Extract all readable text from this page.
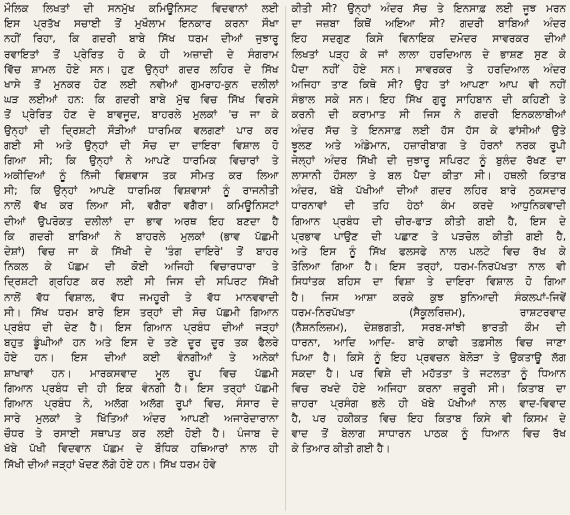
ਮੌਲਿਕ ਲਿਖਤਾਂ ਦੀ ਸਨਮੁੱਖ ਕਮਿਊਨਿਸਟ ਵਿਦਵਾਨਾਂ ਲਈ
ਇਸ ਪ੍ਰਤੱਖ ਸਚਾਈ ਤੋਂ ਮੁਖੌਲਾਮ ਇਨਕਾਰ ਕਰਨਾ ਸੌਖਾ
ਨਹੀਂ ਰਿਹਾ, ਕਿ ਗਦਰੀ ਬਾਬੇ ਸਿੱਖ ਧਰਮ ਦੀਆਂ ਜੁਝਾਰੂ
ਰਵਾਇਤਾਂ ਤੋਂ ਪ੍ਰੇਰਿਤ ਹੋ ਕੇ ਹੀ ਅਜ਼ਾਦੀ ਦੇ ਸੰਗਰਾਮ
ਵਿੱਚ ਸ਼ਾਮਲ ਹੋਏ ਸਨ। ਹੁਣ ਉਨ੍ਹਾਂ ਗਦਰ ਲਹਿਰ ਦੇ ਸਿੱਖ
ਖਾਸੇ ਤੋਂ ਮੁਨਕਰ ਹੋਣ ਲਈ ਨਵੀਆਂ ਗੁਮਰਾਹ-ਕੁਨ ਦਲੀਲਾਂ
ਘੜ ਲਈਆਂ ਹਨ: ਕਿ ਗਦਰੀ ਬਾਬੇ ਮੁੱਢ ਵਿਚ ਸਿੱਖ ਵਿਰਸੇ
ਤੋਂ ਪ੍ਰੇਰਿਤ ਹੋਣ ਦੇ ਬਾਵਜੂਦ, ਬਾਹਰਲੇ ਮੁਲਕਾਂ 'ਚ ਜਾ ਕੇ
ਉਨ੍ਹਾਂ ਦੀ ਦ੍ਰਿਸ਼ਟੀ ਸੌੜੀਆਂ ਧਾਰਮਿਕ ਵਲਗਣਾਂ ਪਾਰ ਕਰ
ਗਈ ਸੀ ਅਤੇ ਉਨ੍ਹਾਂ ਦੀ ਸੋਚ ਦਾ ਦਾਇਰਾ ਵਿਸ਼ਾਲ ਹੋ
ਗਿਆ ਸੀ; ਕਿ ਉਨ੍ਹਾਂ ਨੇ ਆਪਣੇ ਧਾਰਮਿਕ ਵਿਚਾਰਾਂ ਤੇ
ਅਕੀਦਿਆਂ ਨੂੰ ਨਿੱਜੀ ਵਿਸ਼ਵਾਸ ਤਕ ਸੀਮਤ ਕਰ ਲਿਆ
ਸੀ; ਕਿ ਉਨ੍ਹਾਂ ਆਪਣੇ ਧਾਰਮਿਕ ਵਿਸ਼ਵਾਸਾਂ ਨੂੰ ਰਾਜਨੀਤੀ
ਨਾਲੋਂ ਵੱਖ ਕਰ ਲਿਆ ਸੀ, ਵਗੈਰਾ ਵਗੈਰਾ। ਕਮਿਊਨਿਸਟਾਂ
ਦੀਆਂ ਉਪਰੋਕਤ ਦਲੀਲਾਂ ਦਾ ਭਾਵ ਅਰਥ ਇਹ ਬਣਦਾ ਹੈ
ਕਿ ਗਦਰੀ ਬਾਬਿਆਂ ਨੇ ਬਾਹਰਲੇ ਮੁਲਕਾਂ (ਭਾਵ ਪੱਛਮੀ
ਦੇਸ਼ਾਂ) ਵਿਚ ਜਾ ਕੇ ਸਿੱਖੀ ਦੇ 'ਤੰਗ ਦਾਇਰੇ' ਤੋਂ ਬਾਹਰ
ਨਿਕਲ ਕੇ ਪੱਛਮ ਦੀ ਕੋਈ ਅਜਿਹੀ ਵਿਚਾਰਧਾਰਾ ਤੇ
ਦ੍ਰਿਸ਼ਟੀ ਗ੍ਰਹਿਣ ਕਰ ਲਈ ਸੀ ਜਿਸ ਦੀ ਸਪਿਰਟ ਸਿੱਖੀ
ਨਾਲੋਂ ਵੱਧ ਵਿਸ਼ਾਲ, ਵੱਧ ਜਮਹੂਰੀ ਤੇ ਵੱਧ ਮਾਨਵਵਾਦੀ
ਸੀ। ਸਿੱਖ ਧਰਮ ਬਾਰੇ ਇਸ ਤਰ੍ਹਾਂ ਦੀ ਸੋਚ ਪੱਛਮੀ ਗਿਆਨ
ਪ੍ਰਬੰਧ ਦੀ ਦੇਣ ਹੈ। ਇਸ ਗਿਆਨ ਪ੍ਰਬੰਧ ਦੀਆਂ ਜੜ੍ਹਾਂ
ਬਹੁਤ ਡੂੰਘੀਆਂ ਹਨ ਅਤੇ ਇਸ ਦੇ ਤਣੇ ਦੂਰ ਦੂਰ ਤਕ ਫੈਲਰੇ
ਹੋਏ ਹਨ। ਇਸ ਦੀਆਂ ਕਈ ਵੰਨਗੀਆਂ ਤੇ ਅਨੇਕਾਂ
ਸ਼ਾਖਾਵਾਂ ਹਨ। ਮਾਰਕਸਵਾਦ ਮੂਲ ਰੂਪ ਵਿਚ ਪੱਛਮੀ
ਗਿਆਨ ਪ੍ਰਬੰਧ ਦੀ ਹੀ ਇਕ ਵੰਨਗੀ ਹੈ। ਇਸ ਤਰ੍ਹਾਂ ਪੱਛਮੀ
ਗਿਆਨ ਪ੍ਰਬੰਧ ਨੇ, ਅਲੱਗ ਅਲੱਗ ਰੂਪਾਂ ਵਿਚ, ਸੰਸਾਰ ਦੇ
ਸਾਰੇ ਮੁਲਕਾਂ ਤੇ ਖਿੱਤਿਆਂ ਅੰਦਰ ਆਪਣੀ ਅਜਾਰੇਦਾਰਾਨਾ
ਚੌਧਰ ਤੇ ਰਸਾਈ ਸਥਾਪਤ ਕਰ ਲਈ ਹੋਈ ਹੈ। ਪੰਜਾਬ ਦੇ
ਖੱਬੇ ਪੱਖੀ ਵਿਦਵਾਨ ਪੱਛਮ ਦੇ ਬੌਧਿਕ ਹਥਿਆਰਾਂ ਨਾਲ ਹੀ
ਸਿੱਖੀ ਦੀਆਂ ਜੜ੍ਹਾਂ ਖੋਦਣ ਲੱਗੇ ਹੋਏ ਹਨ। ਸਿੱਖ ਧਰਮ ਹੋਵੇ
ਕੀਤੀ ਸੀ? ਉਨ੍ਹਾਂ ਅੰਦਰ ਸੱਚ ਤੇ ਇਨਸਾਫ਼ ਲਈ ਜੂਝ ਮਰਨ
ਦਾ ਜਜ਼ਬਾ ਕਿਥੋਂ ਅਇਆ ਸੀ? ਗਦਰੀ ਬਾਬਿਆਂ ਅੰਦਰ
ਇਹ ਸਦਗੁਣ ਕਿਸੇ ਵਿਨਾਇਕ ਦਮੋਦਰ ਸਾਵਰਕਰ ਦੀਆਂ
ਲਿਖਤਾਂ ਪੜ੍ਹ ਕੇ ਜਾਂ ਲਾਲਾ ਹਰਦਿਆਲ ਦੇ ਭਾਸ਼ਣ ਸੁਣ ਕੇ
ਪੈਦਾ ਨਹੀਂ ਹੋਏ ਸਨ। ਸਾਵਰਕਰ ਤੇ ਹਰਦਿਆਲ ਅੰਦਰ
ਅਜਿਹਾ ਤਾਣ ਕਿਥੇ ਸੀ? ਉਹ ਤਾਂ ਆਪਣਾ ਆਪ ਵੀ ਨਹੀਂ
ਸੰਭਾਲ ਸਕੇ ਸਨ। ਇਹ ਸਿੱਖ ਗੁਰੂ ਸਾਹਿਬਾਨ ਦੀ ਕਹਿਣੀ ਤੇ
ਕਰਨੀ ਦੀ ਕਰਾਮਾਤ ਸੀ ਜਿਸ ਨੇ ਗਦਰੀ ਇਨਕਲਾਬੀਆਂ
ਅੰਦਰ ਸੱਚ ਤੇ ਇਨਸਾਫ਼ ਲਈ ਹੱਸ ਹੱਸ ਕੇ ਫਾਂਸੀਆਂ ਉਤੇ
ਝੂਲਣ ਅਤੇ ਅੰਡੇਮਾਨ, ਹਜ਼ਾਰੀਬਾਗ ਤੇ ਹੋਰਨਾਂ ਨਰਕ ਰੂਪੀ
ਜੇਲ੍ਹਾਂ ਅੰਦਰ ਸਿੱਖੀ ਦੀ ਜੁਝਾਰੂ ਸਪਿਰਟ ਨੂੰ ਬੁਲੰਦ ਰੱਖਣ ਦਾ
ਲਾਸਾਨੀ ਹੌਸਲਾ ਤੇ ਬਲ ਪੈਦਾ ਕੀਤਾ ਸੀ। ਹਥਲੀ ਕਿਤਾਬ
ਅੰਦਰ, ਖੱਬੇ ਪੱਖੀਆਂ ਦੀਆਂ ਗਦਰ ਲਹਿਰ ਬਾਰੇ ਨੁਕਸਦਾਰ
ਧਾਰਨਾਵਾਂ ਦੀ ਤਹਿ ਹੇਠਾਂ ਕੰਮ ਕਰਦੇ ਆਧੁਨਿਕਵਾਦੀ
ਗਿਆਨ ਪ੍ਰਬੰਧ ਦੀ ਚੀਰ-ਫਾੜ ਕੀਤੀ ਗਈ ਹੈ, ਇਸ ਦੇ
ਪ੍ਰਭਾਵ ਪਾਉਣ ਦੀ ਪਛਾਣ ਤੇ ਪੜਚੋਲ ਕੀਤੀ ਗਈ ਹੈ,
ਅਤੇ ਇਸ ਨੂੰ ਸਿੱਖ ਫਲਸਫੇ ਨਾਲ ਪਲਟੇ ਵਿਚ ਰੱਖ ਕੇ
ਤੋਲਿਆ ਗਿਆ ਹੈ। ਇਸ ਤਰ੍ਹਾਂ, ਧਰਮ-ਨਿਰਪੱਖਤਾ ਨਾਲ ਵੀ
ਸਿਧਾਂਤਕ ਬਹਿਸ ਦਾ ਵਿਸ਼ਾ ਤੇ ਦਾਇਰਾ ਵਿਸ਼ਾਲ ਹੋ ਗਿਆ
ਹੈ। ਜਿਸ ਆਸ਼ਾ ਕਰਕੇ ਕੁਝ ਬੁਨਿਆਦੀ ਸੰਕਲਪਾਂ-ਜਿਵੇਂ
ਧਰਮ-ਨਿਰਪੱਖਤਾ (ਸੈਕੂਲਰਿਜ਼ਮ), ਰਾਸ਼ਟਰਵਾਦ
(ਨੈਸ਼ਨਲਿਜ਼ਮ), ਦੇਸ਼ਭਗਤੀ, ਸਰਬ-ਸਾਂਝੀ ਭਾਰਤੀ ਕੌਮ ਦੀ
ਧਾਰਨਾ, ਆਦਿ ਆਦਿ- ਬਾਰੇ ਕਾਫੀ ਤਫ਼ਸੀਲ ਵਿਚ ਜਾਣਾ
ਪਿਆ ਹੈ। ਕਿਸੇ ਨੂੰ ਇਹ ਪ੍ਰਵਚਨ ਬੇਲੋੜਾ ਤੇ ਉਕਤਾਊ ਲੱਗ
ਸਕਦਾ ਹੈ। ਪਰ ਵਿਸ਼ੇ ਦੀ ਮਹੱਤਤਾ ਤੇ ਜਟਲਤਾ ਨੂੰ ਧਿਆਨ
ਵਿਚ ਰਖਦੇ ਹੋਏ ਅਜਿਹਾ ਕਰਨਾ ਜ਼ਰੂਰੀ ਸੀ। ਕਿਤਾਬ ਦਾ
ਜ਼ਾਹਰਾ ਪ੍ਰਸੰਗ ਭਲੇ ਹੀ ਖੱਬੇ ਪੱਖੀਆਂ ਨਾਲ ਵਾਦ-ਵਿਵਾਦ
ਹੈ, ਪਰ ਹਕੀਕਤ ਵਿਚ ਇਹ ਕਿਤਾਬ ਕਿਸੇ ਵੀ ਕਿਸਮ ਦੇ
ਵਾਦ ਤੋਂ ਬੇਲਾਗ ਸਾਧਾਰਨ ਪਾਠਕ ਨੂੰ ਧਿਆਨ ਵਿਚ ਰੱਖ
ਕੇ ਤਿਆਰ ਕੀਤੀ ਗਈ ਹੈ।
